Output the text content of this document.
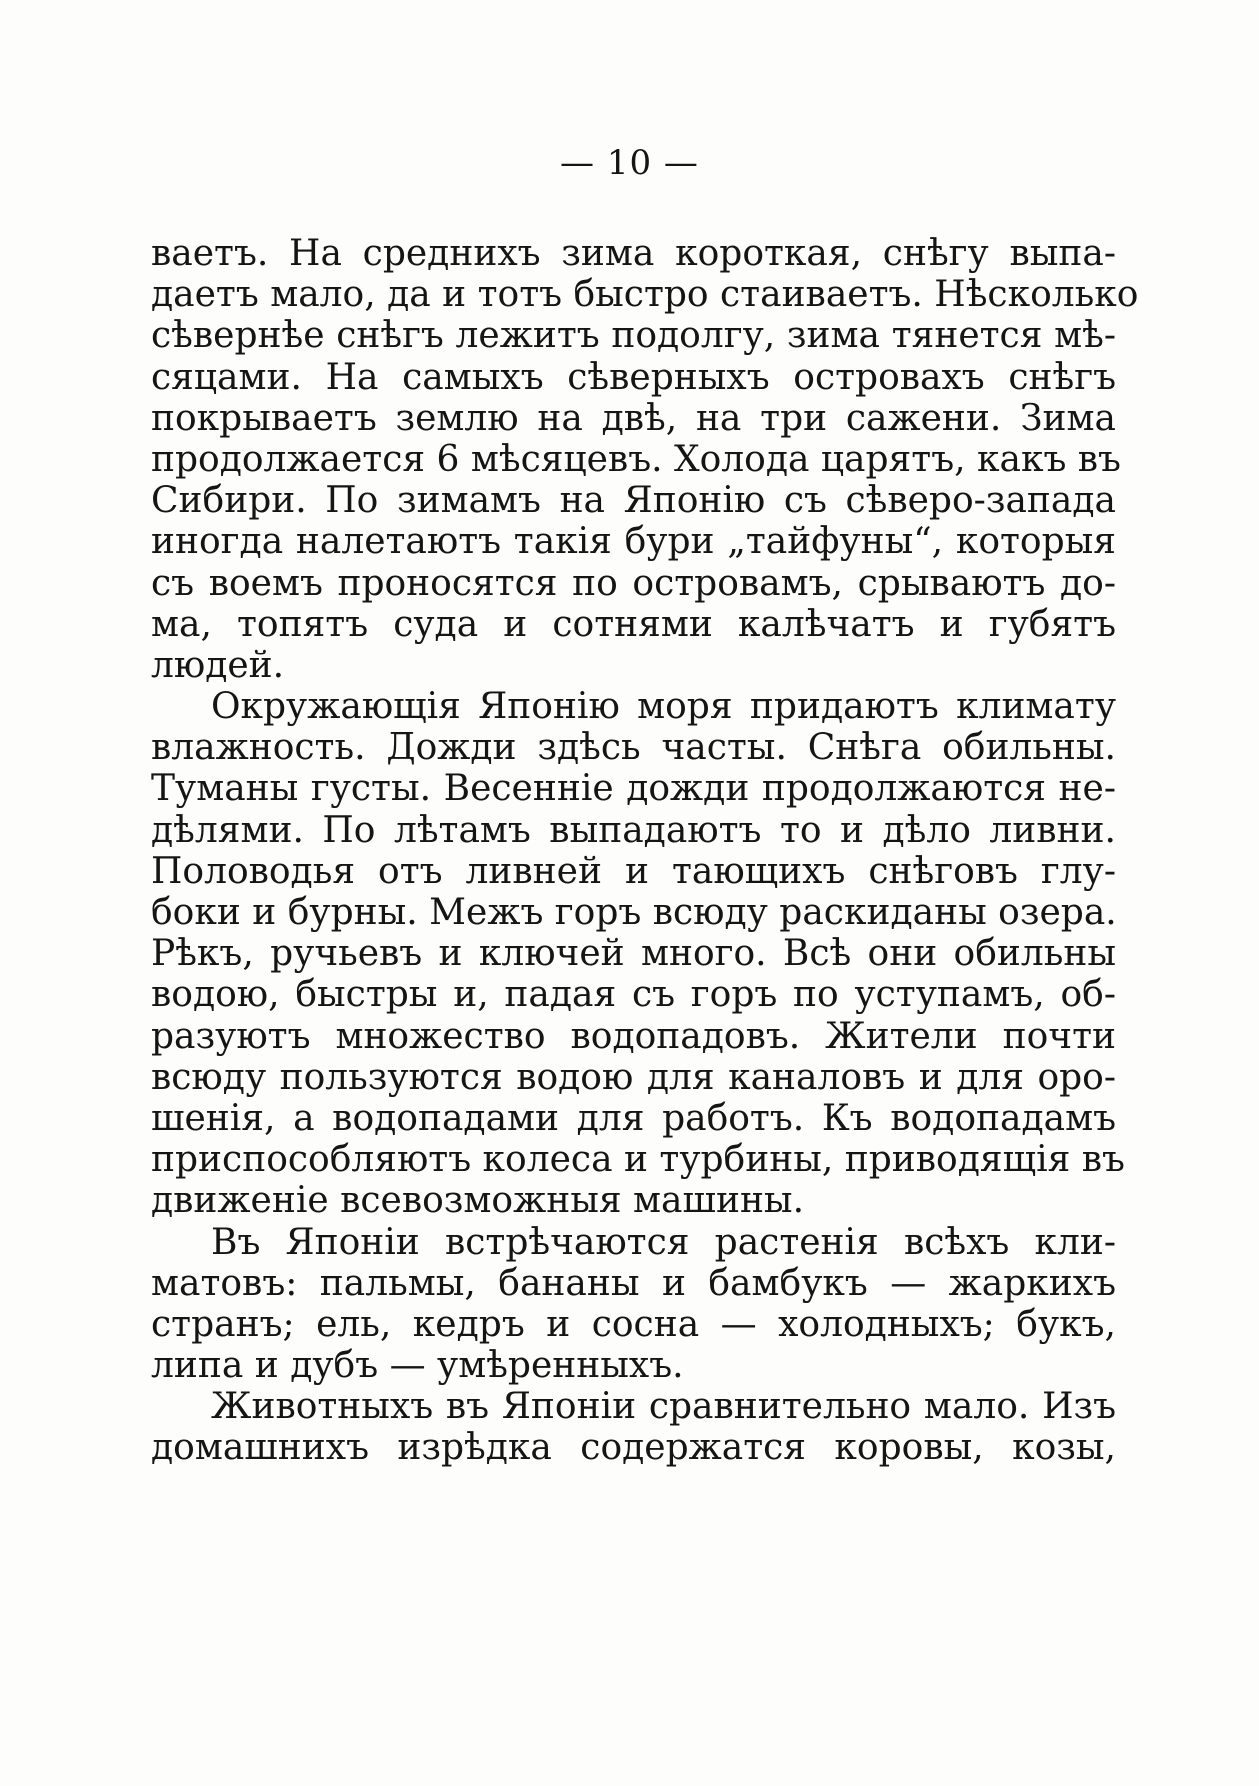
— 10 —
ваетъ. На среднихъ зима короткая, снѣгу выпа-
даетъ мало, да и тотъ быстро стаиваетъ. Нѣсколько
сѣвернѣе снѣгъ лежитъ подолгу, зима тянется мѣ-
сяцами. На самыхъ сѣверныхъ островахъ снѣгъ
покрываетъ землю на двѣ, на три сажени. Зима
продолжается 6 мѣсяцевъ. Холода царятъ, какъ въ
Сибири. По зимамъ на Японію съ сѣверо-запада
иногда налетаютъ такія бури „тайфуны“, которыя
съ воемъ проносятся по островамъ, срываютъ до-
ма, топятъ суда и сотнями калѣчатъ и губятъ
людей.
Окружающія Японію моря придаютъ климату
влажность. Дожди здѣсь часты. Снѣга обильны.
Туманы густы. Весенніе дожди продолжаются не-
дѣлями. По лѣтамъ выпадаютъ то и дѣло ливни.
Половодья отъ ливней и тающихъ снѣговъ глу-
боки и бурны. Межъ горъ всюду раскиданы озера.
Рѣкъ, ручьевъ и ключей много. Всѣ они обильны
водою, быстры и, падая съ горъ по уступамъ, об-
разуютъ множество водопадовъ. Жители почти
всюду пользуются водою для каналовъ и для оро-
шенія, а водопадами для работъ. Къ водопадамъ
приспособляютъ колеса и турбины, приводящія въ
движеніе всевозможныя машины.
Въ Японіи встрѣчаются растенія всѣхъ кли-
матовъ: пальмы, бананы и бамбукъ — жаркихъ
странъ; ель, кедръ и сосна — холодныхъ; букъ,
липа и дубъ — умѣренныхъ.
Животныхъ въ Японіи сравнительно мало. Изъ
домашнихъ изрѣдка содержатся коровы, козы,
